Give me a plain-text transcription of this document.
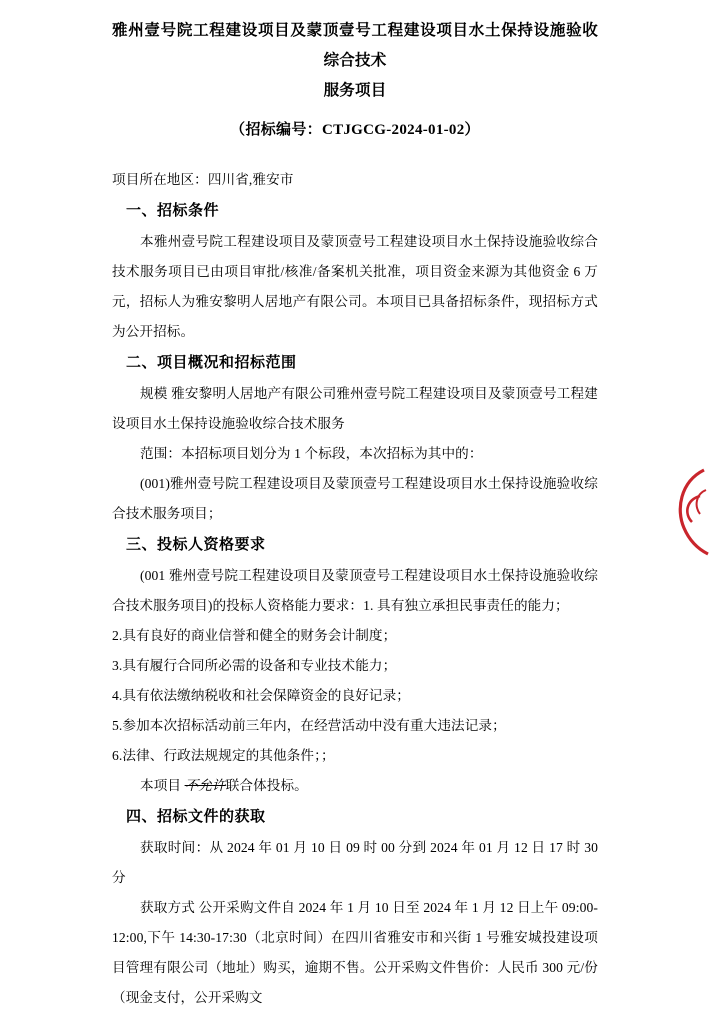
雅州壹号院工程建设项目及蒙顶壹号工程建设项目水土保持设施验收综合技术
服务项目
（招标编号：CTJGCG-2024-01-02）

项目所在地区：四川省,雅安市

一、招标条件

本雅州壹号院工程建设项目及蒙顶壹号工程建设项目水土保持设施验收综合技术服务项目已由项目审批/核准/备案机关批准，项目资金来源为其他资金 6 万元，招标人为雅安黎明人居地产有限公司。本项目已具备招标条件，现招标方式为公开招标。

二、项目概况和招标范围

规模 雅安黎明人居地产有限公司雅州壹号院工程建设项目及蒙顶壹号工程建设项目水土保持设施验收综合技术服务

范围：本招标项目划分为 1 个标段，本次招标为其中的：

(001)雅州壹号院工程建设项目及蒙顶壹号工程建设项目水土保持设施验收综合技术服务项目；

三、投标人资格要求

(001 雅州壹号院工程建设项目及蒙顶壹号工程建设项目水土保持设施验收综合技术服务项目)的投标人资格能力要求：1. 具有独立承担民事责任的能力；

2.具有良好的商业信誉和健全的财务会计制度；

3.具有履行合同所必需的设备和专业技术能力；

4.具有依法缴纳税收和社会保障资金的良好记录；

5.参加本次招标活动前三年内，在经营活动中没有重大违法记录；

6.法律、行政法规规定的其他条件；；

本项目 不允许联合体投标。

四、招标文件的获取

获取时间：从 2024 年 01 月 10 日 09 时 00 分到 2024 年 01 月 12 日 17 时 30 分

获取方式 公开采购文件自 2024 年 1 月 10 日至 2024 年 1 月 12 日上午 09:00-12:00,下午 14:30-17:30（北京时间）在四川省雅安市和兴街 1 号雅安城投建设项目管理有限公司（地址）购买，逾期不售。公开采购文件售价：人民币 300 元/份（现金支付，公开采购文
